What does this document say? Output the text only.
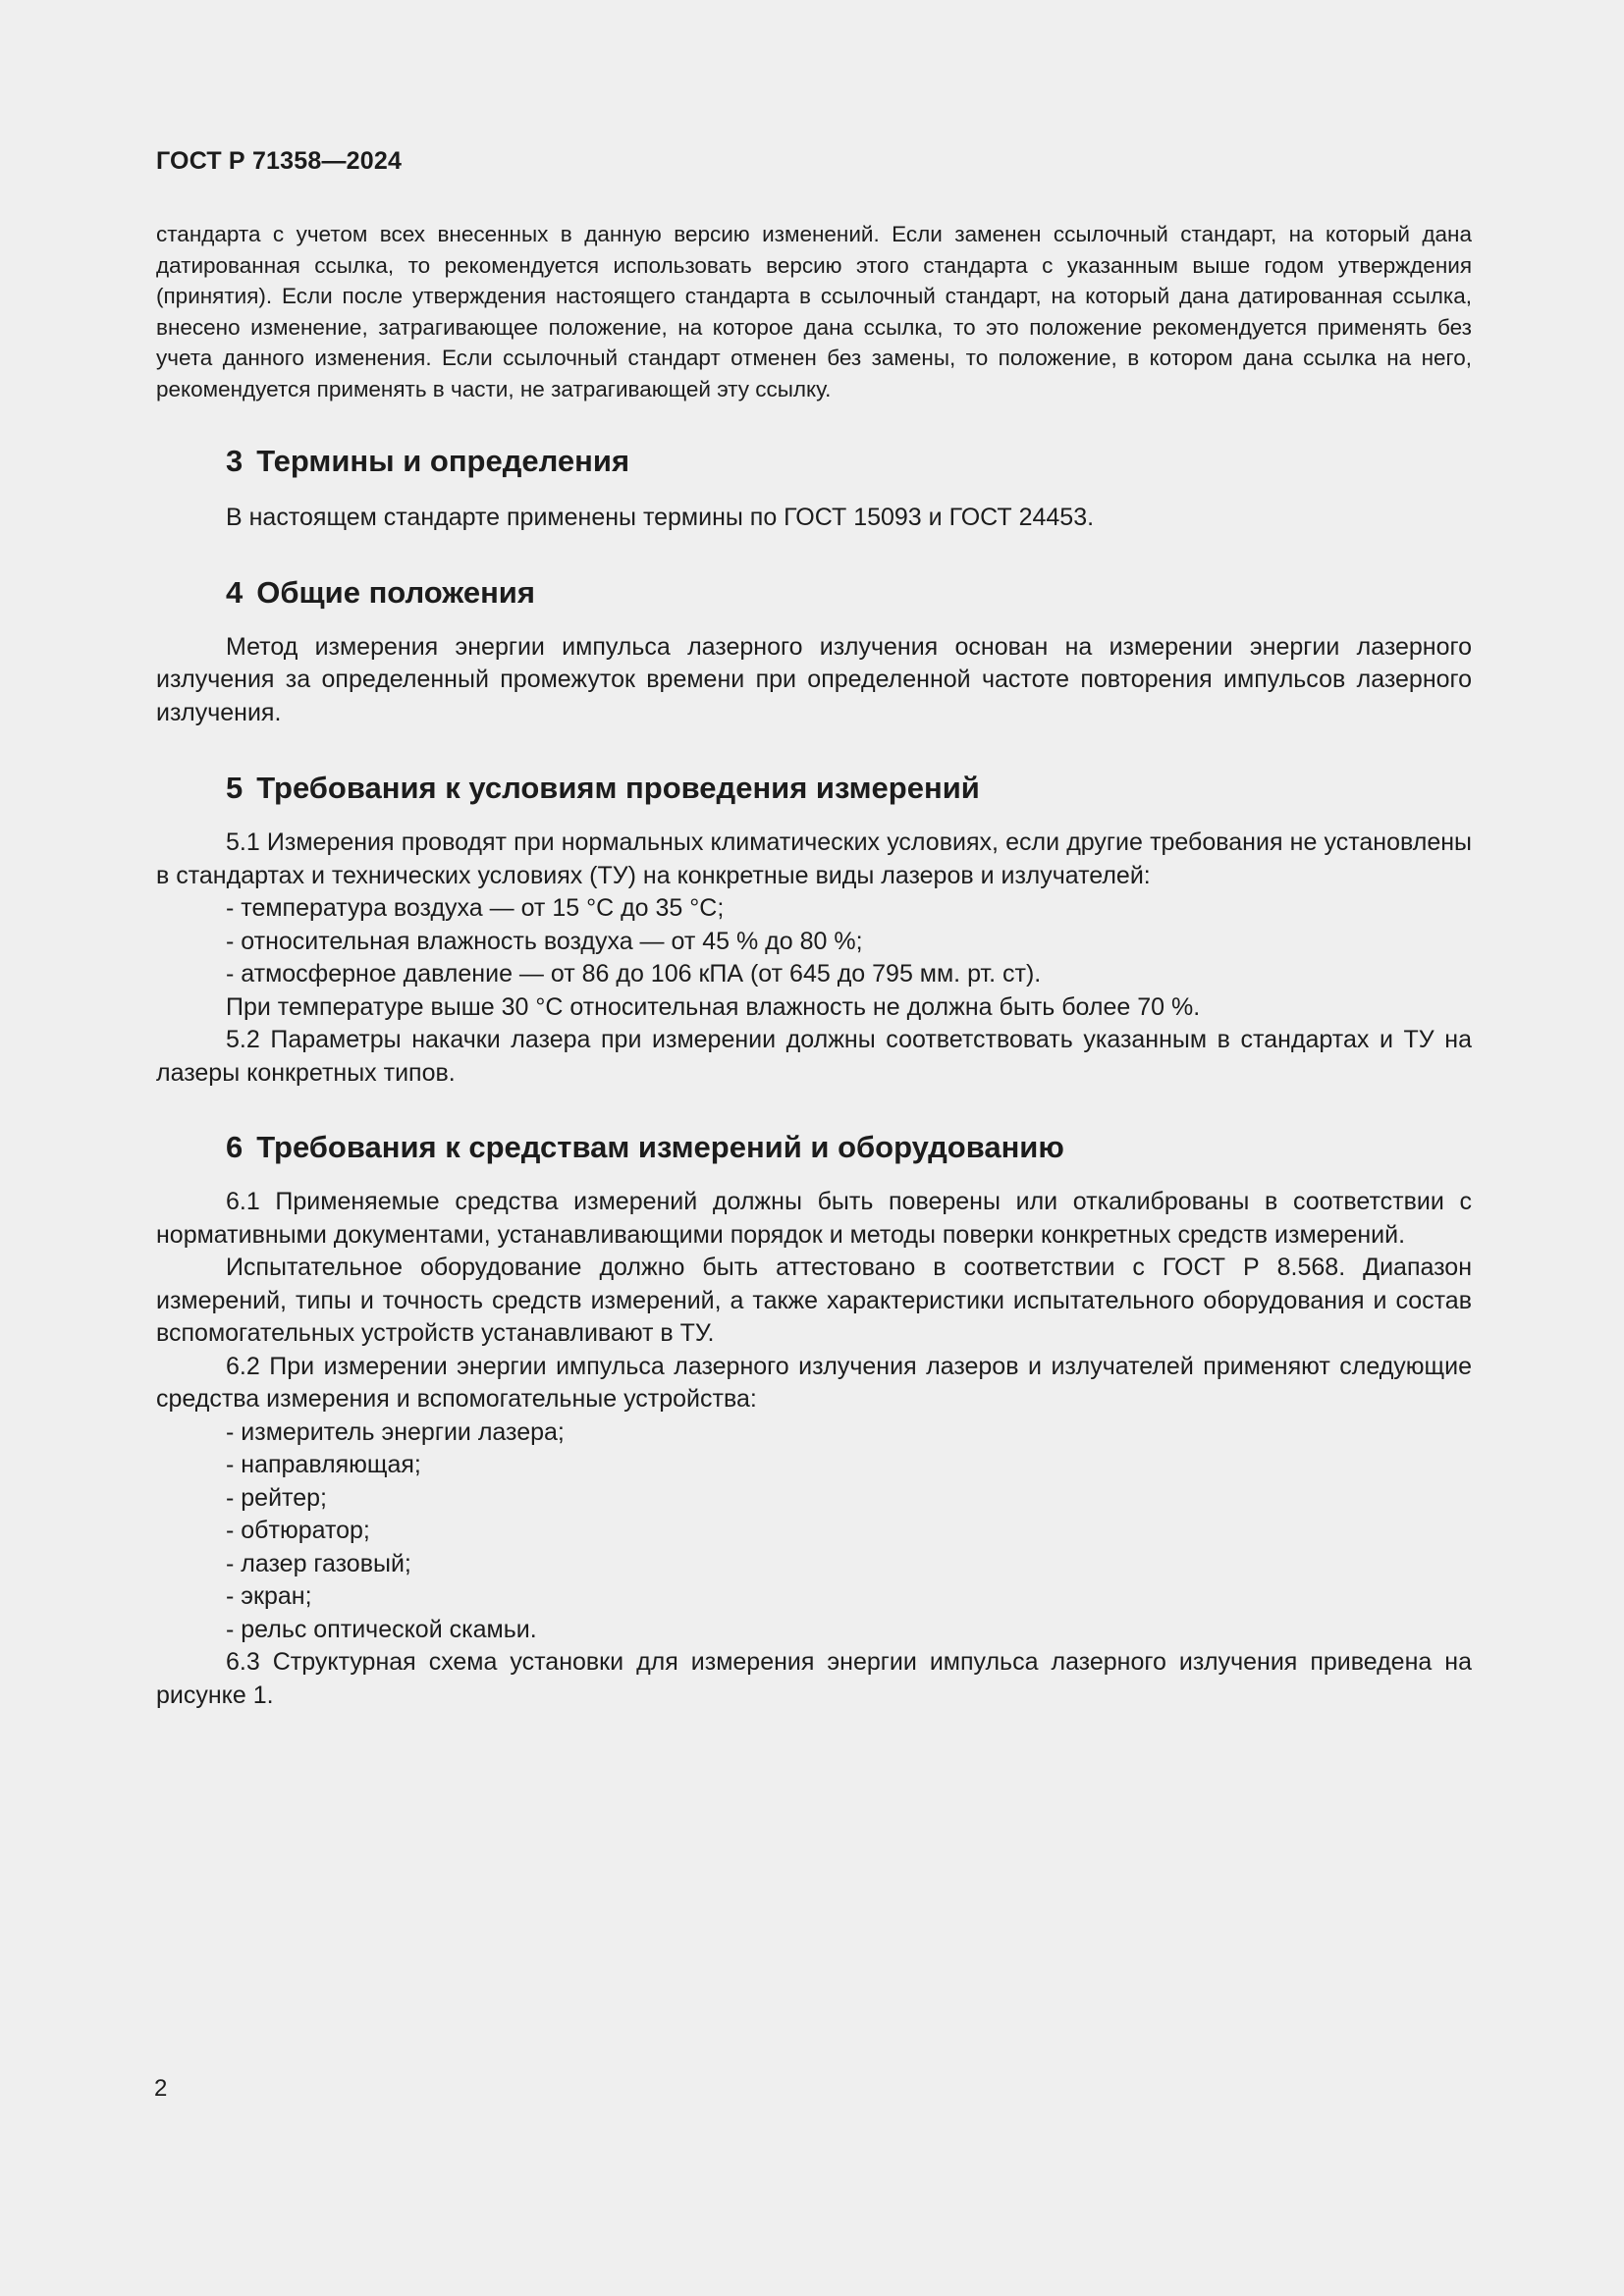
ГОСТ Р 71358—2024

стандарта с учетом всех внесенных в данную версию изменений. Если заменен ссылочный стандарт, на который дана датированная ссылка, то рекомендуется использовать версию этого стандарта с указанным выше годом утверждения (принятия). Если после утверждения настоящего стандарта в ссылочный стандарт, на который дана датированная ссылка, внесено изменение, затрагивающее положение, на которое дана ссылка, то это положение рекомендуется применять без учета данного изменения. Если ссылочный стандарт отменен без замены, то положение, в котором дана ссылка на него, рекомендуется применять в части, не затрагивающей эту ссылку.

3 Термины и определения

В настоящем стандарте применены термины по ГОСТ 15093 и ГОСТ 24453.

4 Общие положения

Метод измерения энергии импульса лазерного излучения основан на измерении энергии лазерного излучения за определенный промежуток времени при определенной частоте повторения импульсов лазерного излучения.

5 Требования к условиям проведения измерений

5.1 Измерения проводят при нормальных климатических условиях, если другие требования не установлены в стандартах и технических условиях (ТУ) на конкретные виды лазеров и излучателей:

- температура воздуха — от 15 °С до 35 °С;

- относительная влажность воздуха — от 45 % до 80 %;

- атмосферное давление — от 86 до 106 кПА (от 645 до 795 мм. рт. ст).

При температуре выше 30 °С относительная влажность не должна быть более 70 %.

5.2 Параметры накачки лазера при измерении должны соответствовать указанным в стандартах и ТУ на лазеры конкретных типов.

6 Требования к средствам измерений и оборудованию

6.1 Применяемые средства измерений должны быть поверены или откалиброваны в соответствии с нормативными документами, устанавливающими порядок и методы поверки конкретных средств измерений.

Испытательное оборудование должно быть аттестовано в соответствии с ГОСТ Р 8.568. Диапазон измерений, типы и точность средств измерений, а также характеристики испытательного оборудования и состав вспомогательных устройств устанавливают в ТУ.

6.2 При измерении энергии импульса лазерного излучения лазеров и излучателей применяют следующие средства измерения и вспомогательные устройства:

- измеритель энергии лазера;

- направляющая;

- рейтер;

- обтюратор;

- лазер газовый;

- экран;

- рельс оптической скамьи.

6.3 Структурная схема установки для измерения энергии импульса лазерного излучения приведена на рисунке 1.

2
